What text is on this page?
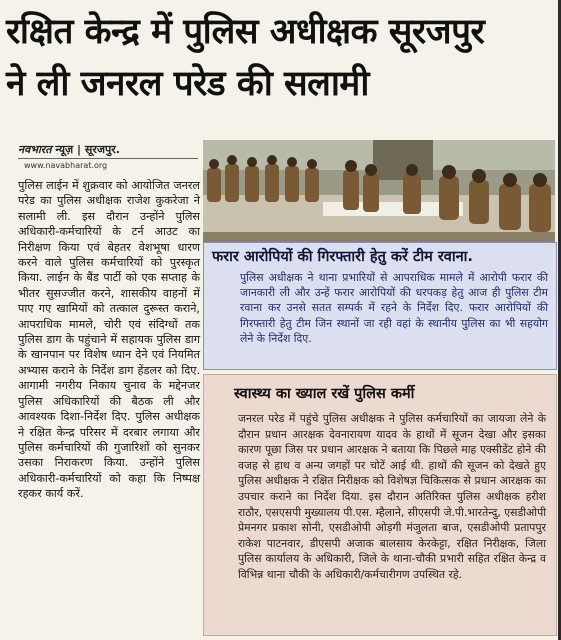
रक्षित केन्द्र में पुलिस अधीक्षक सूरजपुर
ने ली जनरल परेड की सलामी
नवभारत न्यूज़ | सूरजपुर.
www.navabharat.org
पुलिस लाईन में शुक्रवार को आयोजित जनरल परेड का पुलिस अधीक्षक राजेश कुकरेजा ने सलामी ली. इस दौरान उन्होंने पुलिस अधिकारी-कर्मचारियों के टर्न आउट का निरीक्षण किया एवं बेहतर वेशभूषा धारण करने वाले पुलिस कर्मचारियों को पुरस्कृत किया. लाईन के बैंड पार्टी को एक सप्ताह के भीतर सुसज्जीत करने, शासकीय वाहनों में पाए गए खामियों को तत्काल दुरूस्त कराने, आपराधिक मामले, चोरी एवं संदिग्धों तक पुलिस डाग के पहुंचाने में सहायक पुलिस डाग के खानपान पर विशेष ध्यान देने एवं नियमित अभ्यास कराने के निर्देश डाग हेंडलर को दिए. आगामी नगरीय निकाय चुनाव के मद्देनजर पुलिस अधिकारियों की बैठक ली और आवश्यक दिशा-निर्देश दिए. पुलिस अधीक्षक ने रक्षित केन्द्र परिसर में दरबार लगाया और पुलिस कर्मचारियों की गुजारिशों को सुनकर उसका निराकरण किया. उन्होंने पुलिस अधिकारी-कर्मचारियों को कहा कि निष्पक्ष रहकर कार्य करें.
फरार आरोपियों की गिरफ्तारी हेतु करें टीम रवाना.
पुलिस अधीक्षक ने थाना प्रभारियों से आपराधिक मामले में आरोपी फरार की जानकारी ली और उन्हें फरार आरोपियों की धरपकड़ हेतु आज ही पुलिस टीम रवाना कर उनसे सतत सम्पर्क में रहने के निर्देश दिए. फरार आरोपियों की गिरफ्तारी हेतु टीम जिन स्थानों जा रही वहां के स्थानीय पुलिस का भी सहयोग लेने के निर्देश दिए.
स्वास्थ्य का ख्याल रखें पुलिस कर्मी
जनरल परेड में पहुंचे पुलिस अधीक्षक ने पुलिस कर्मचारियों का जायजा लेने के दौरान प्रधान आरक्षक देवनारायण यादव के हाथों में सूजन देखा और इसका कारण पूछा जिस पर प्रधान आरक्षक ने बताया कि पिछले माह एक्सीडेंट होने की वजह से हाथ व अन्य जगहों पर चोटें आई थी. हाथों की सूजन को देखते हुए पुलिस अधीक्षक ने रक्षित निरीक्षक को विशेषज्ञ चिकित्सक से प्रधान आरक्षक का उपचार कराने का निर्देश दिया. इस दौरान अतिरिक्त पुलिस अधीक्षक हरीश राठौर, एसएसपी मुख्यालय पी.एस. म्हैलाने, सीएसपी जे.पी.भारतेन्दु, एसडीओपी प्रेमनगर प्रकाश सोनी, एसडीओपी ओड़गी मंजुलता बाज, एसडीओपी प्रतापपुर राकेश पाटनवार, डीएसपी अजाक बालसाय केरकेट्टा, रक्षित निरीक्षक, जिला पुलिस कार्यालय के अधिकारी, जिले के थाना-चौकी प्रभारी सहित रक्षित केन्द्र व विभिन्न थाना चौकी के अधिकारी/कर्मचारीगण उपस्थित रहे.
